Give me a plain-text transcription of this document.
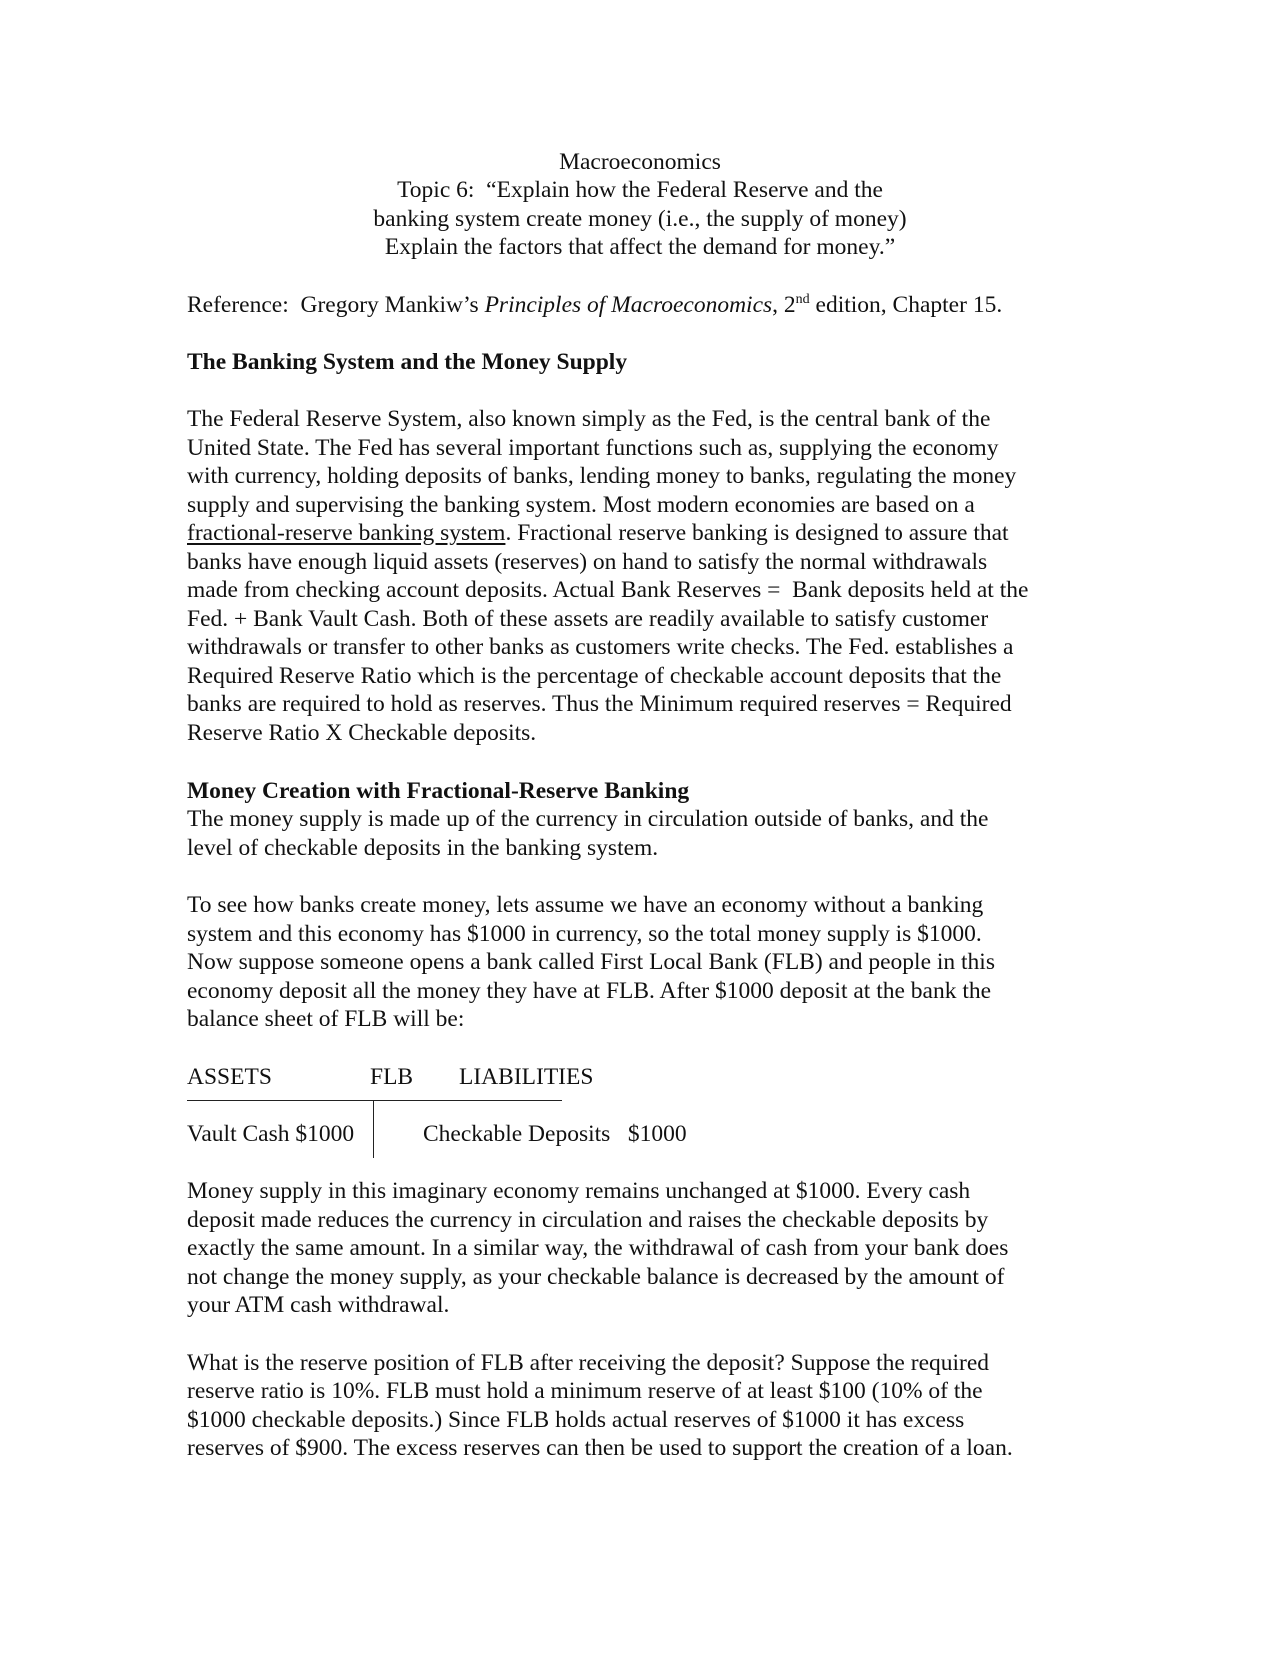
Macroeconomics
Topic 6:  “Explain how the Federal Reserve and the
banking system create money (i.e., the supply of money)
Explain the factors that affect the demand for money.”
Reference:  Gregory Mankiw’s Principles of Macroeconomics, 2nd edition, Chapter 15.
The Banking System and the Money Supply
The Federal Reserve System, also known simply as the Fed, is the central bank of the
United State. The Fed has several important functions such as, supplying the economy
with currency, holding deposits of banks, lending money to banks, regulating the money
supply and supervising the banking system. Most modern economies are based on a
fractional-reserve banking system. Fractional reserve banking is designed to assure that
banks have enough liquid assets (reserves) on hand to satisfy the normal withdrawals
made from checking account deposits. Actual Bank Reserves =  Bank deposits held at the
Fed. + Bank Vault Cash. Both of these assets are readily available to satisfy customer
withdrawals or transfer to other banks as customers write checks. The Fed. establishes a
Required Reserve Ratio which is the percentage of checkable account deposits that the
banks are required to hold as reserves. Thus the Minimum required reserves = Required
Reserve Ratio X Checkable deposits.
Money Creation with Fractional-Reserve Banking
The money supply is made up of the currency in circulation outside of banks, and the
level of checkable deposits in the banking system.
To see how banks create money, lets assume we have an economy without a banking
system and this economy has $1000 in currency, so the total money supply is $1000.
Now suppose someone opens a bank called First Local Bank (FLB) and people in this
economy deposit all the money they have at FLB. After $1000 deposit at the bank the
balance sheet of FLB will be:
ASSETS	FLB LIABILITIES
Vault Cash $1000	Checkable Deposits   $1000
Money supply in this imaginary economy remains unchanged at $1000. Every cash
deposit made reduces the currency in circulation and raises the checkable deposits by
exactly the same amount. In a similar way, the withdrawal of cash from your bank does
not change the money supply, as your checkable balance is decreased by the amount of
your ATM cash withdrawal.
What is the reserve position of FLB after receiving the deposit? Suppose the required
reserve ratio is 10%. FLB must hold a minimum reserve of at least $100 (10% of the
$1000 checkable deposits.) Since FLB holds actual reserves of $1000 it has excess
reserves of $900. The excess reserves can then be used to support the creation of a loan.
